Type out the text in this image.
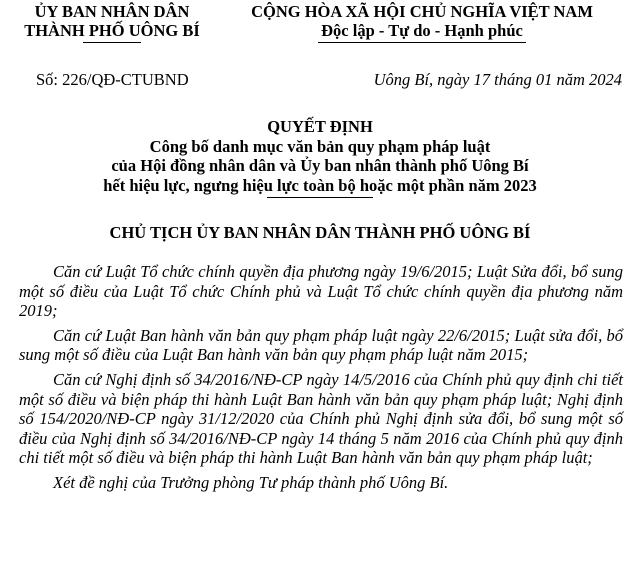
ỦY BAN NHÂN DÂN
THÀNH PHỐ UÔNG BÍ
CỘNG HÒA XÃ HỘI CHỦ NGHĨA VIỆT NAM
Độc lập - Tự do - Hạnh phúc
Số: 226/QĐ-CTUBND	Uông Bí, ngày 17 tháng 01 năm 2024
QUYẾT ĐỊNH
Công bố danh mục văn bản quy phạm pháp luật
của Hội đồng nhân dân và Ủy ban nhân thành phố Uông Bí
hết hiệu lực, ngưng hiệu lực toàn bộ hoặc một phần năm 2023
CHỦ TỊCH ỦY BAN NHÂN DÂN THÀNH PHỐ UÔNG BÍ

Căn cứ Luật Tổ chức chính quyền địa phương ngày 19/6/2015; Luật Sửa đổi, bổ sung một số điều của Luật Tổ chức Chính phủ và Luật Tổ chức chính quyền địa phương năm 2019;

Căn cứ Luật Ban hành văn bản quy phạm pháp luật ngày 22/6/2015; Luật sửa đổi, bổ sung một số điều của Luật Ban hành văn bản quy phạm pháp luật năm 2015;

Căn cứ Nghị định số 34/2016/NĐ-CP ngày 14/5/2016 của Chính phủ quy định chi tiết một số điều và biện pháp thi hành Luật Ban hành văn bản quy phạm pháp luật; Nghị định số 154/2020/NĐ-CP ngày 31/12/2020 của Chính phủ Nghị định sửa đổi, bổ sung một số điều của Nghị định số 34/2016/NĐ-CP ngày 14 tháng 5 năm 2016 của Chính phủ quy định chi tiết một số điều và biện pháp thi hành Luật Ban hành văn bản quy phạm pháp luật;

Xét đề nghị của Trưởng phòng Tư pháp thành phố Uông Bí.
